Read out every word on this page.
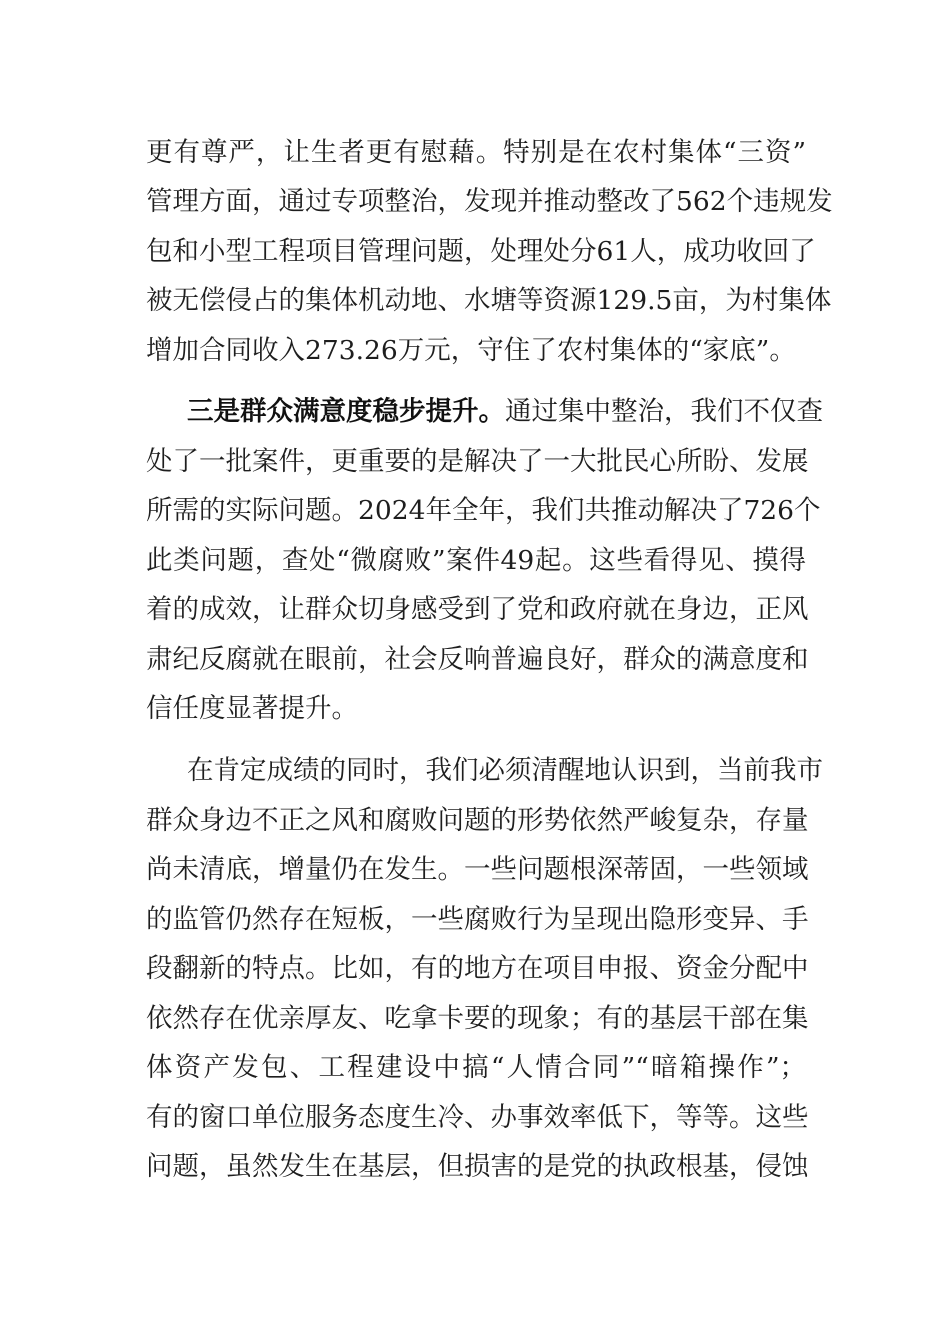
更有尊严，让生者更有慰藉。特别是在农村集体“三资”
管理方面，通过专项整治，发现并推动整改了562个违规发
包和小型工程项目管理问题，处理处分61人，成功收回了
被无偿侵占的集体机动地、水塘等资源129.5亩，为村集体
增加合同收入273.26万元，守住了农村集体的“家底”。
三是群众满意度稳步提升。通过集中整治，我们不仅查
处了一批案件，更重要的是解决了一大批民心所盼、发展
所需的实际问题。2024年全年，我们共推动解决了726个
此类问题，查处“微腐败”案件49起。这些看得见、摸得
着的成效，让群众切身感受到了党和政府就在身边，正风
肃纪反腐就在眼前，社会反响普遍良好，群众的满意度和
信任度显著提升。
在肯定成绩的同时，我们必须清醒地认识到，当前我市
群众身边不正之风和腐败问题的形势依然严峻复杂，存量
尚未清底，增量仍在发生。一些问题根深蒂固，一些领域
的监管仍然存在短板，一些腐败行为呈现出隐形变异、手
段翻新的特点。比如，有的地方在项目申报、资金分配中
依然存在优亲厚友、吃拿卡要的现象；有的基层干部在集
体资产发包、工程建设中搞“人情合同”“暗箱操作”；
有的窗口单位服务态度生冷、办事效率低下，等等。这些
问题，虽然发生在基层，但损害的是党的执政根基，侵蚀
